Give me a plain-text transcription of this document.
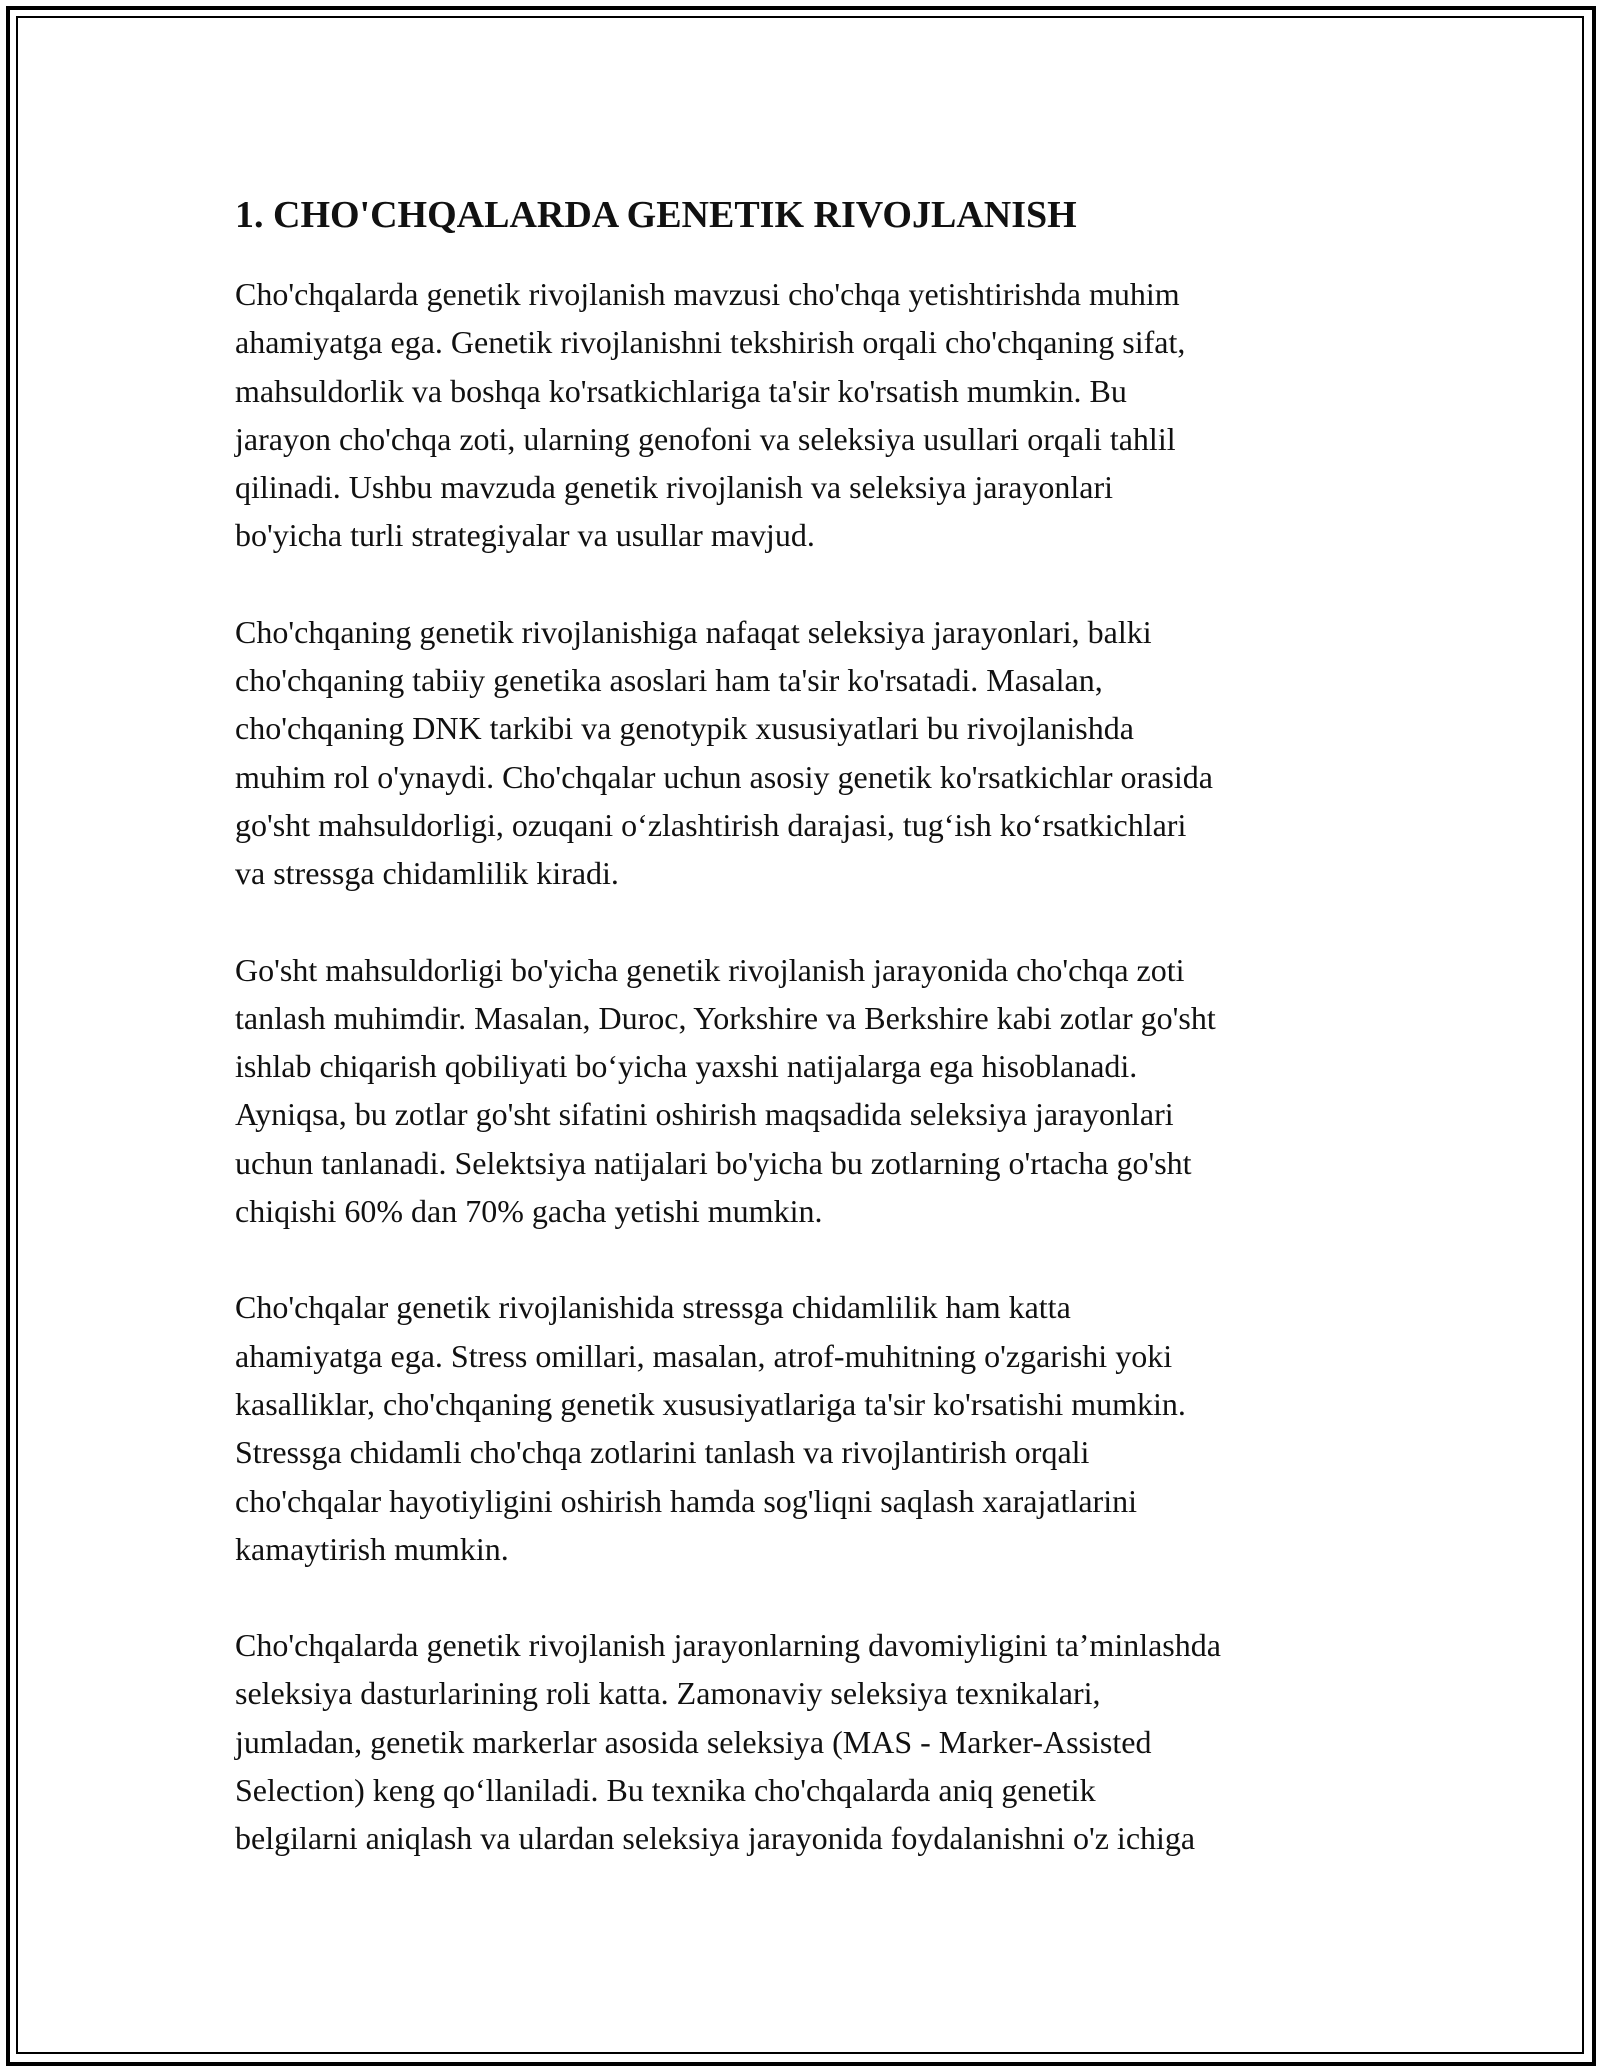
1. CHO'CHQALARDA GENETIK RIVOJLANISH
Cho'chqalarda genetik rivojlanish mavzusi cho'chqa yetishtirishda muhim
ahamiyatga ega. Genetik rivojlanishni tekshirish orqali cho'chqaning sifat,
mahsuldorlik va boshqa ko'rsatkichlariga ta'sir ko'rsatish mumkin. Bu
jarayon cho'chqa zoti, ularning genofoni va seleksiya usullari orqali tahlil
qilinadi. Ushbu mavzuda genetik rivojlanish va seleksiya jarayonlari
bo'yicha turli strategiyalar va usullar mavjud.
Cho'chqaning genetik rivojlanishiga nafaqat seleksiya jarayonlari, balki
cho'chqaning tabiiy genetika asoslari ham ta'sir ko'rsatadi. Masalan,
cho'chqaning DNK tarkibi va genotypik xususiyatlari bu rivojlanishda
muhim rol o'ynaydi. Cho'chqalar uchun asosiy genetik ko'rsatkichlar orasida
go'sht mahsuldorligi, ozuqani o‘zlashtirish darajasi, tug‘ish ko‘rsatkichlari
va stressga chidamlilik kiradi.
Go'sht mahsuldorligi bo'yicha genetik rivojlanish jarayonida cho'chqa zoti
tanlash muhimdir. Masalan, Duroc, Yorkshire va Berkshire kabi zotlar go'sht
ishlab chiqarish qobiliyati bo‘yicha yaxshi natijalarga ega hisoblanadi.
Ayniqsa, bu zotlar go'sht sifatini oshirish maqsadida seleksiya jarayonlari
uchun tanlanadi. Selektsiya natijalari bo'yicha bu zotlarning o'rtacha go'sht
chiqishi 60% dan 70% gacha yetishi mumkin.
Cho'chqalar genetik rivojlanishida stressga chidamlilik ham katta
ahamiyatga ega. Stress omillari, masalan, atrof-muhitning o'zgarishi yoki
kasalliklar, cho'chqaning genetik xususiyatlariga ta'sir ko'rsatishi mumkin.
Stressga chidamli cho'chqa zotlarini tanlash va rivojlantirish orqali
cho'chqalar hayotiyligini oshirish hamda sog'liqni saqlash xarajatlarini
kamaytirish mumkin.
Cho'chqalarda genetik rivojlanish jarayonlarning davomiyligini ta’minlashda
seleksiya dasturlarining roli katta. Zamonaviy seleksiya texnikalari,
jumladan, genetik markerlar asosida seleksiya (MAS - Marker-Assisted
Selection) keng qo‘llaniladi. Bu texnika cho'chqalarda aniq genetik
belgilarni aniqlash va ulardan seleksiya jarayonida foydalanishni o'z ichiga
